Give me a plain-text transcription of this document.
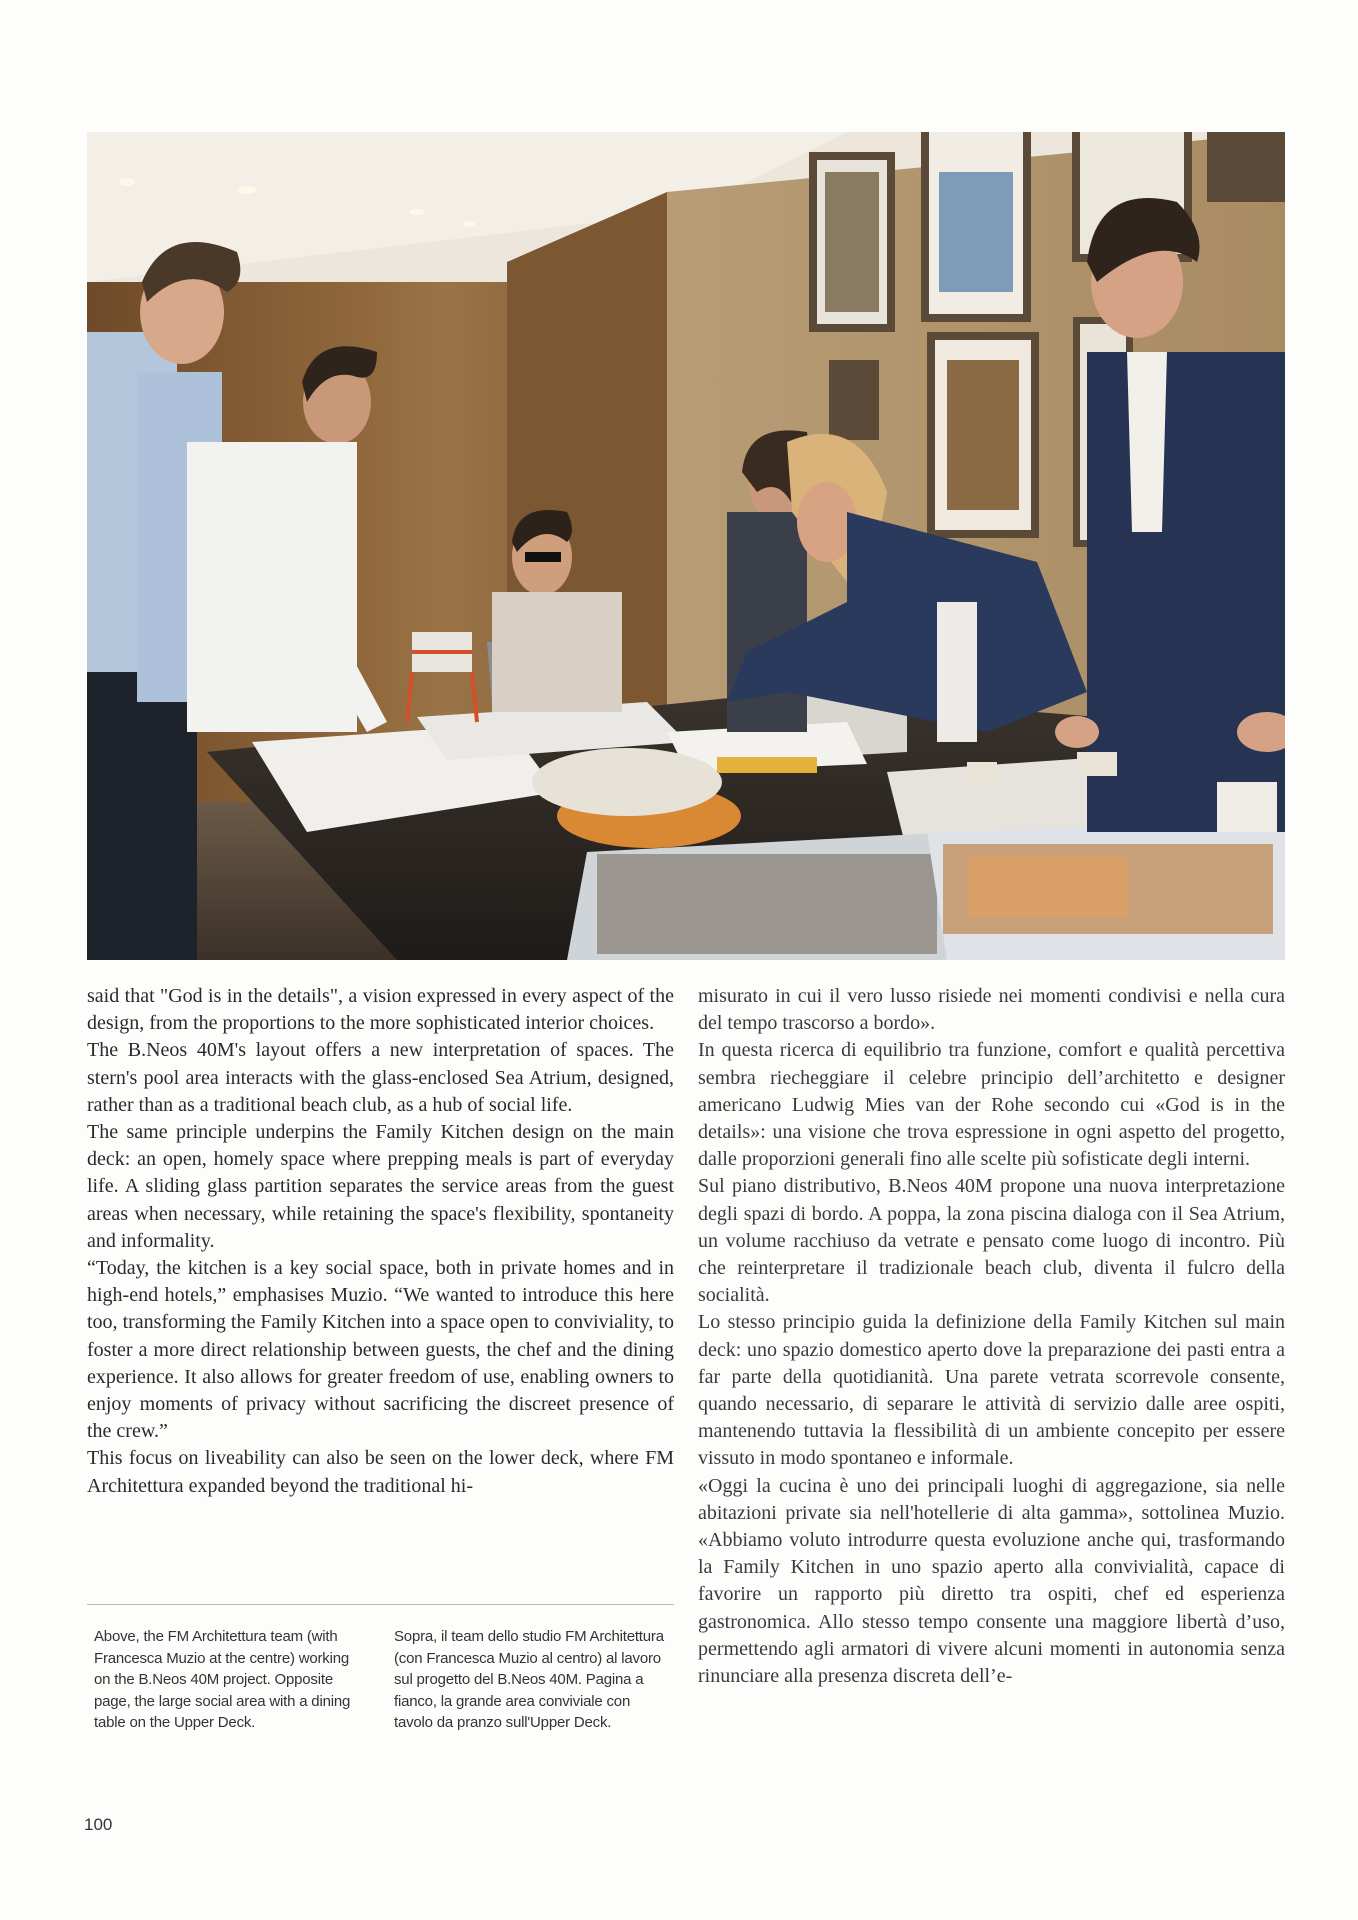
said that "God is in the details", a vision expressed in every aspect of the design, from the proportions to the more sophisticated interior choices.

The B.Neos 40M's layout offers a new interpretation of spaces. The stern's pool area interacts with the glass-enclosed Sea Atrium, designed, rather than as a traditional beach club, as a hub of social life.

The same principle underpins the Family Kitchen design on the main deck: an open, homely space where prepping meals is part of everyday life. A sliding glass partition separates the service areas from the guest areas when necessary, while retaining the space's flexibility, spontaneity and informality.

“Today, the kitchen is a key social space, both in private homes and in high-end hotels,” emphasises Muzio. “We wanted to introduce this here too, transforming the Family Kitchen into a space open to conviviality, to foster a more direct relationship between guests, the chef and the dining experience. It also allows for greater freedom of use, enabling owners to enjoy moments of privacy without sacrificing the discreet presence of the crew.”

This focus on liveability can also be seen on the lower deck, where FM Architettura expanded beyond the traditional hi-

Above, the FM Architettura team (with Francesca Muzio at the centre) working on the B.Neos 40M project. Opposite page, the large social area with a dining table on the Upper Deck.

Sopra, il team dello studio FM Architettura (con Francesca Muzio al centro) al lavoro sul progetto del B.Neos 40M. Pagina a fianco, la grande area conviviale con tavolo da pranzo sull'Upper Deck.

misurato in cui il vero lusso risiede nei momenti condivisi e nella cura del tempo trascorso a bordo».

In questa ricerca di equilibrio tra funzione, comfort e qualità percettiva sembra riecheggiare il celebre principio dell’architetto e designer americano Ludwig Mies van der Rohe secondo cui «God is in the details»: una visione che trova espressione in ogni aspetto del progetto, dalle proporzioni generali fino alle scelte più sofisticate degli interni.

Sul piano distributivo, B.Neos 40M propone una nuova interpretazione degli spazi di bordo. A poppa, la zona piscina dialoga con il Sea Atrium, un volume racchiuso da vetrate e pensato come luogo di incontro. Più che reinterpretare il tradizionale beach club, diventa il fulcro della socialità.

Lo stesso principio guida la definizione della Family Kitchen sul main deck: uno spazio domestico aperto dove la preparazione dei pasti entra a far parte della quotidianità. Una parete vetrata scorrevole consente, quando necessario, di separare le attività di servizio dalle aree ospiti, mantenendo tuttavia la flessibilità di un ambiente concepito per essere vissuto in modo spontaneo e informale.

«Oggi la cucina è uno dei principali luoghi di aggregazione, sia nelle abitazioni private sia nell'hotellerie di alta gamma», sottolinea Muzio. «Abbiamo voluto introdurre questa evoluzione anche qui, trasformando la Family Kitchen in uno spazio aperto alla convivialità, capace di favorire un rapporto più diretto tra ospiti, chef ed esperienza gastronomica. Allo stesso tempo consente una maggiore libertà d’uso, permettendo agli armatori di vivere alcuni momenti in autonomia senza rinunciare alla presenza discreta dell’e-

100
